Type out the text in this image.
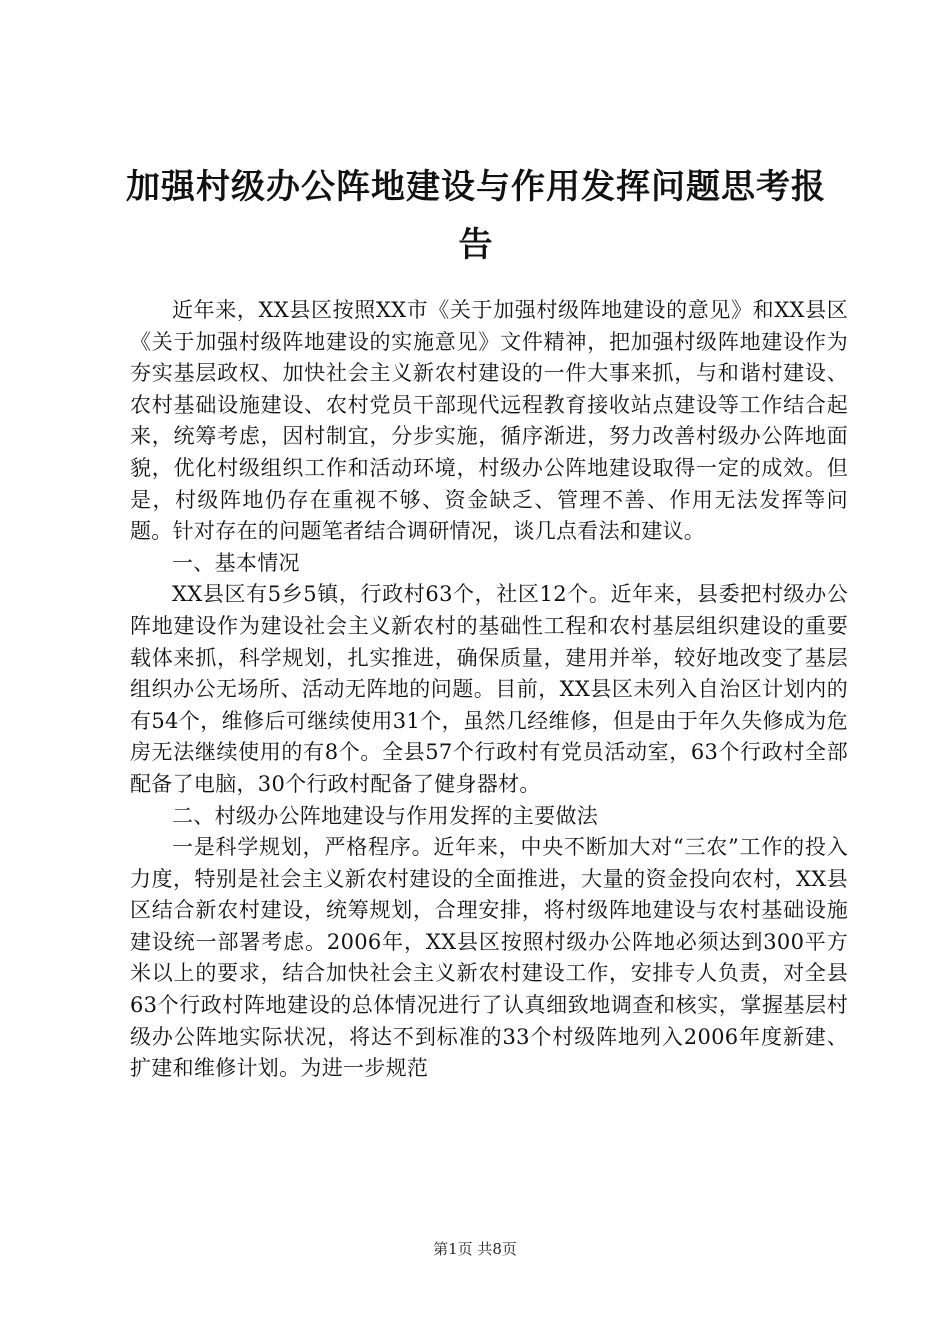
加强村级办公阵地建设与作用发挥问题思考报告

近年来，XX县区按照XX市《关于加强村级阵地建设的意见》和XX县区《关于加强村级阵地建设的实施意见》文件精神，把加强村级阵地建设作为夯实基层政权、加快社会主义新农村建设的一件大事来抓，与和谐村建设、农村基础设施建设、农村党员干部现代远程教育接收站点建设等工作结合起来，统筹考虑，因村制宜，分步实施，循序渐进，努力改善村级办公阵地面貌，优化村级组织工作和活动环境，村级办公阵地建设取得一定的成效。但是，村级阵地仍存在重视不够、资金缺乏、管理不善、作用无法发挥等问题。针对存在的问题笔者结合调研情况，谈几点看法和建议。

一、基本情况

XX县区有5乡5镇，行政村63个，社区12个。近年来，县委把村级办公阵地建设作为建设社会主义新农村的基础性工程和农村基层组织建设的重要载体来抓，科学规划，扎实推进，确保质量，建用并举，较好地改变了基层组织办公无场所、活动无阵地的问题。目前，XX县区未列入自治区计划内的有54个，维修后可继续使用31个，虽然几经维修，但是由于年久失修成为危房无法继续使用的有8个。全县57个行政村有党员活动室，63个行政村全部配备了电脑，30个行政村配备了健身器材。

二、村级办公阵地建设与作用发挥的主要做法

一是科学规划，严格程序。近年来，中央不断加大对“三农”工作的投入力度，特别是社会主义新农村建设的全面推进，大量的资金投向农村，XX县区结合新农村建设，统筹规划，合理安排，将村级阵地建设与农村基础设施建设统一部署考虑。2006年，XX县区按照村级办公阵地必须达到300平方米以上的要求，结合加快社会主义新农村建设工作，安排专人负责，对全县63个行政村阵地建设的总体情况进行了认真细致地调查和核实，掌握基层村级办公阵地实际状况，将达不到标准的33个村级阵地列入2006年度新建、扩建和维修计划。为进一步规范

第1页 共8页
